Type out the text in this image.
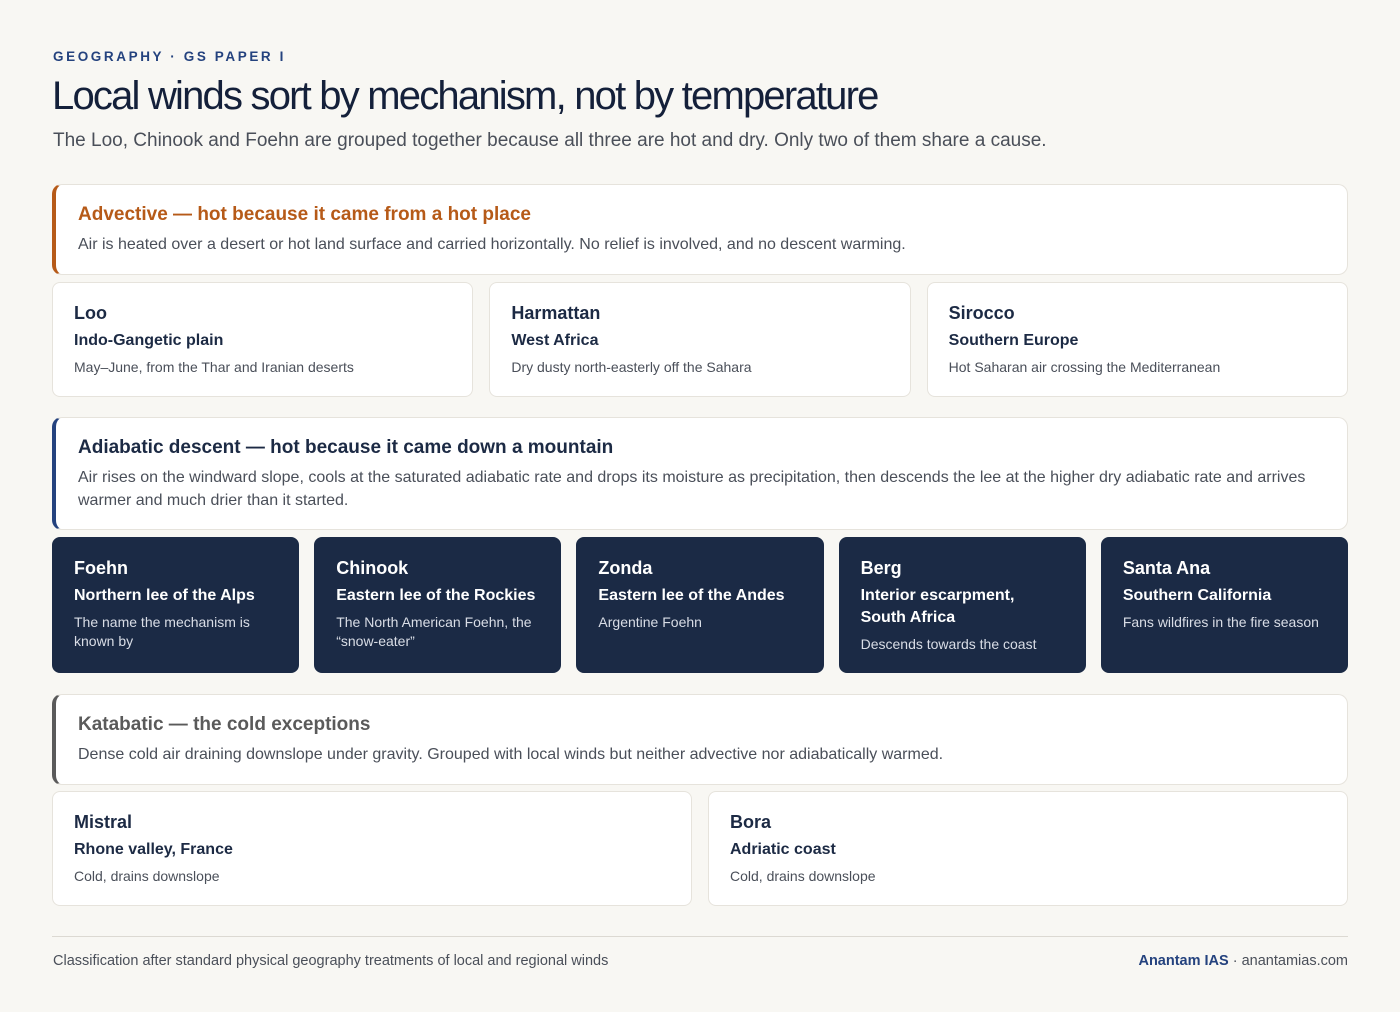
GEOGRAPHY · GS PAPER I
Local winds sort by mechanism, not by temperature

The Loo, Chinook and Foehn are grouped together because all three are hot and dry. Only two of them share a cause.

Advective — hot because it came from a hot place
Air is heated over a desert or hot land surface and carried horizontally. No relief is involved, and no descent warming.
Loo
Indo-Gangetic plain
May–June, from the Thar and Iranian deserts
Harmattan
West Africa
Dry dusty north-easterly off the Sahara
Sirocco
Southern Europe
Hot Saharan air crossing the Mediterranean
Adiabatic descent — hot because it came down a mountain
Air rises on the windward slope, cools at the saturated adiabatic rate and drops its moisture as precipitation, then descends the lee at the higher dry adiabatic rate and arrives warmer and much drier than it started.
Foehn
Northern lee of the Alps
The name the mechanism is known by
Chinook
Eastern lee of the Rockies
The North American Foehn, the “snow-eater”
Zonda
Eastern lee of the Andes
Argentine Foehn
Berg
Interior escarpment, South Africa
Descends towards the coast
Santa Ana
Southern California
Fans wildfires in the fire season
Katabatic — the cold exceptions
Dense cold air draining downslope under gravity. Grouped with local winds but neither advective nor adiabatically warmed.
Mistral
Rhone valley, France
Cold, drains downslope
Bora
Adriatic coast
Cold, drains downslope
Classification after standard physical geography treatments of local and regional winds	Anantam IAS · anantamias.com
